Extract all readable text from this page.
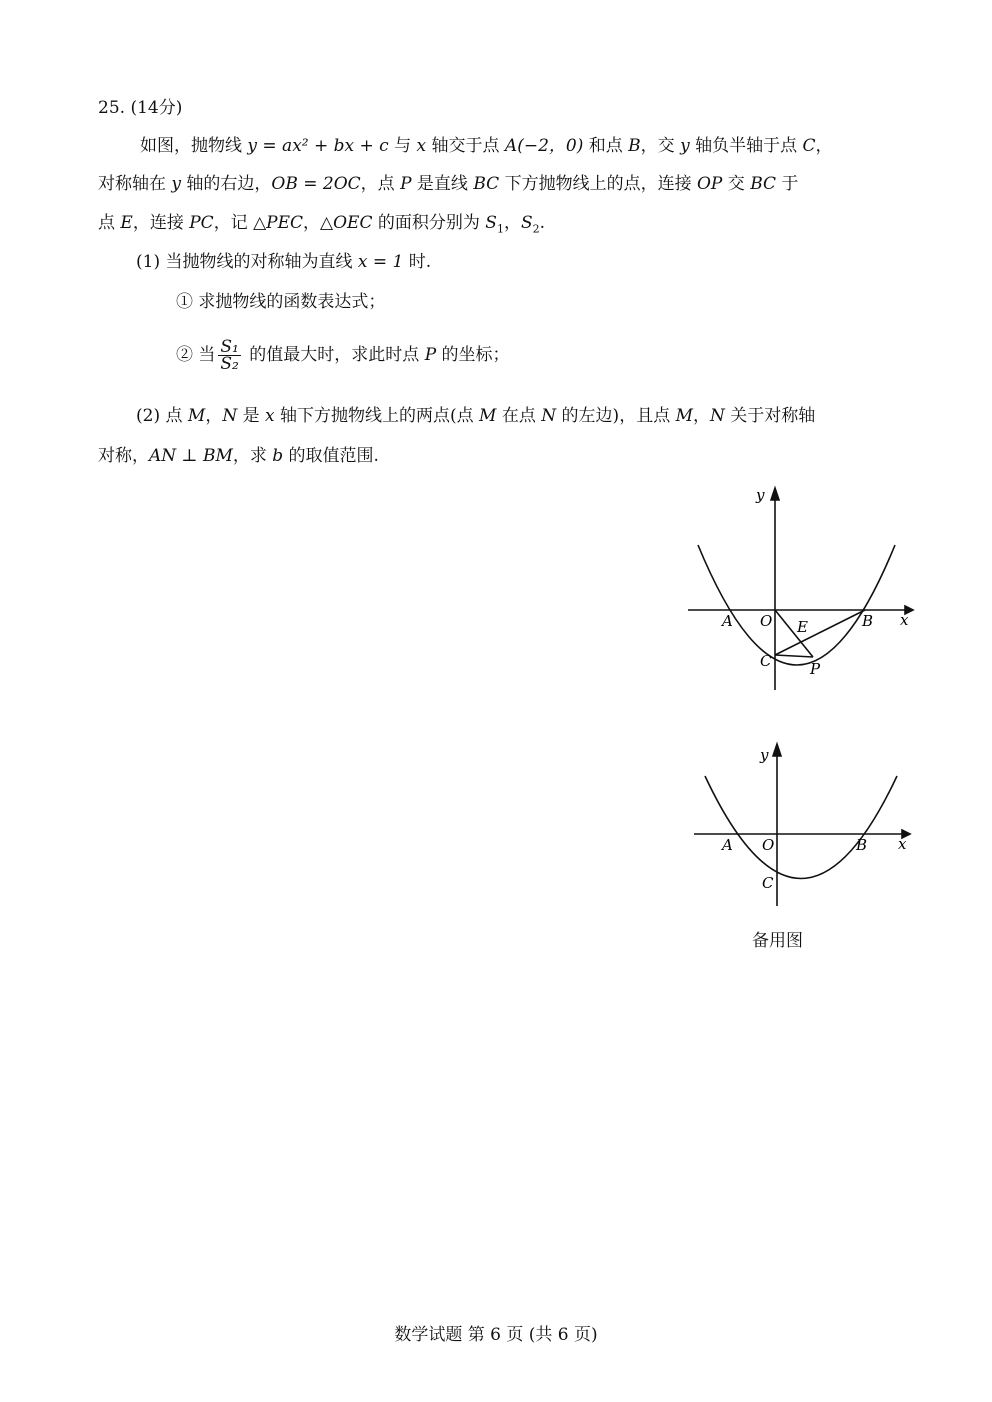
25. (14分)
如图，抛物线 y = ax² + bx + c 与 x 轴交于点 A(−2，0) 和点 B，交 y 轴负半轴于点 C，
对称轴在 y 轴的右边，OB = 2OC，点 P 是直线 BC 下方抛物线上的点，连接 OP 交 BC 于
点 E，连接 PC，记 △PEC，△OEC 的面积分别为 $S_1$，$S_2$.
(1) 当抛物线的对称轴为直线 x = 1 时.
① 求抛物线的函数表达式；
② 当 $\frac{\text{S₁}}{\text{S₂}}$ 的值最大时，求此时点 P 的坐标；
(2) 点 M，N 是 x 轴下方抛物线上的两点(点 M 在点 N 的左边)，且点 M，N 关于对称轴
对称，AN ⊥ BM，求 b 的取值范围.
y
x
A O	B
C
E
P
y
x
A O	B
C
备用图
数学试题 第 6 页 (共 6 页)
